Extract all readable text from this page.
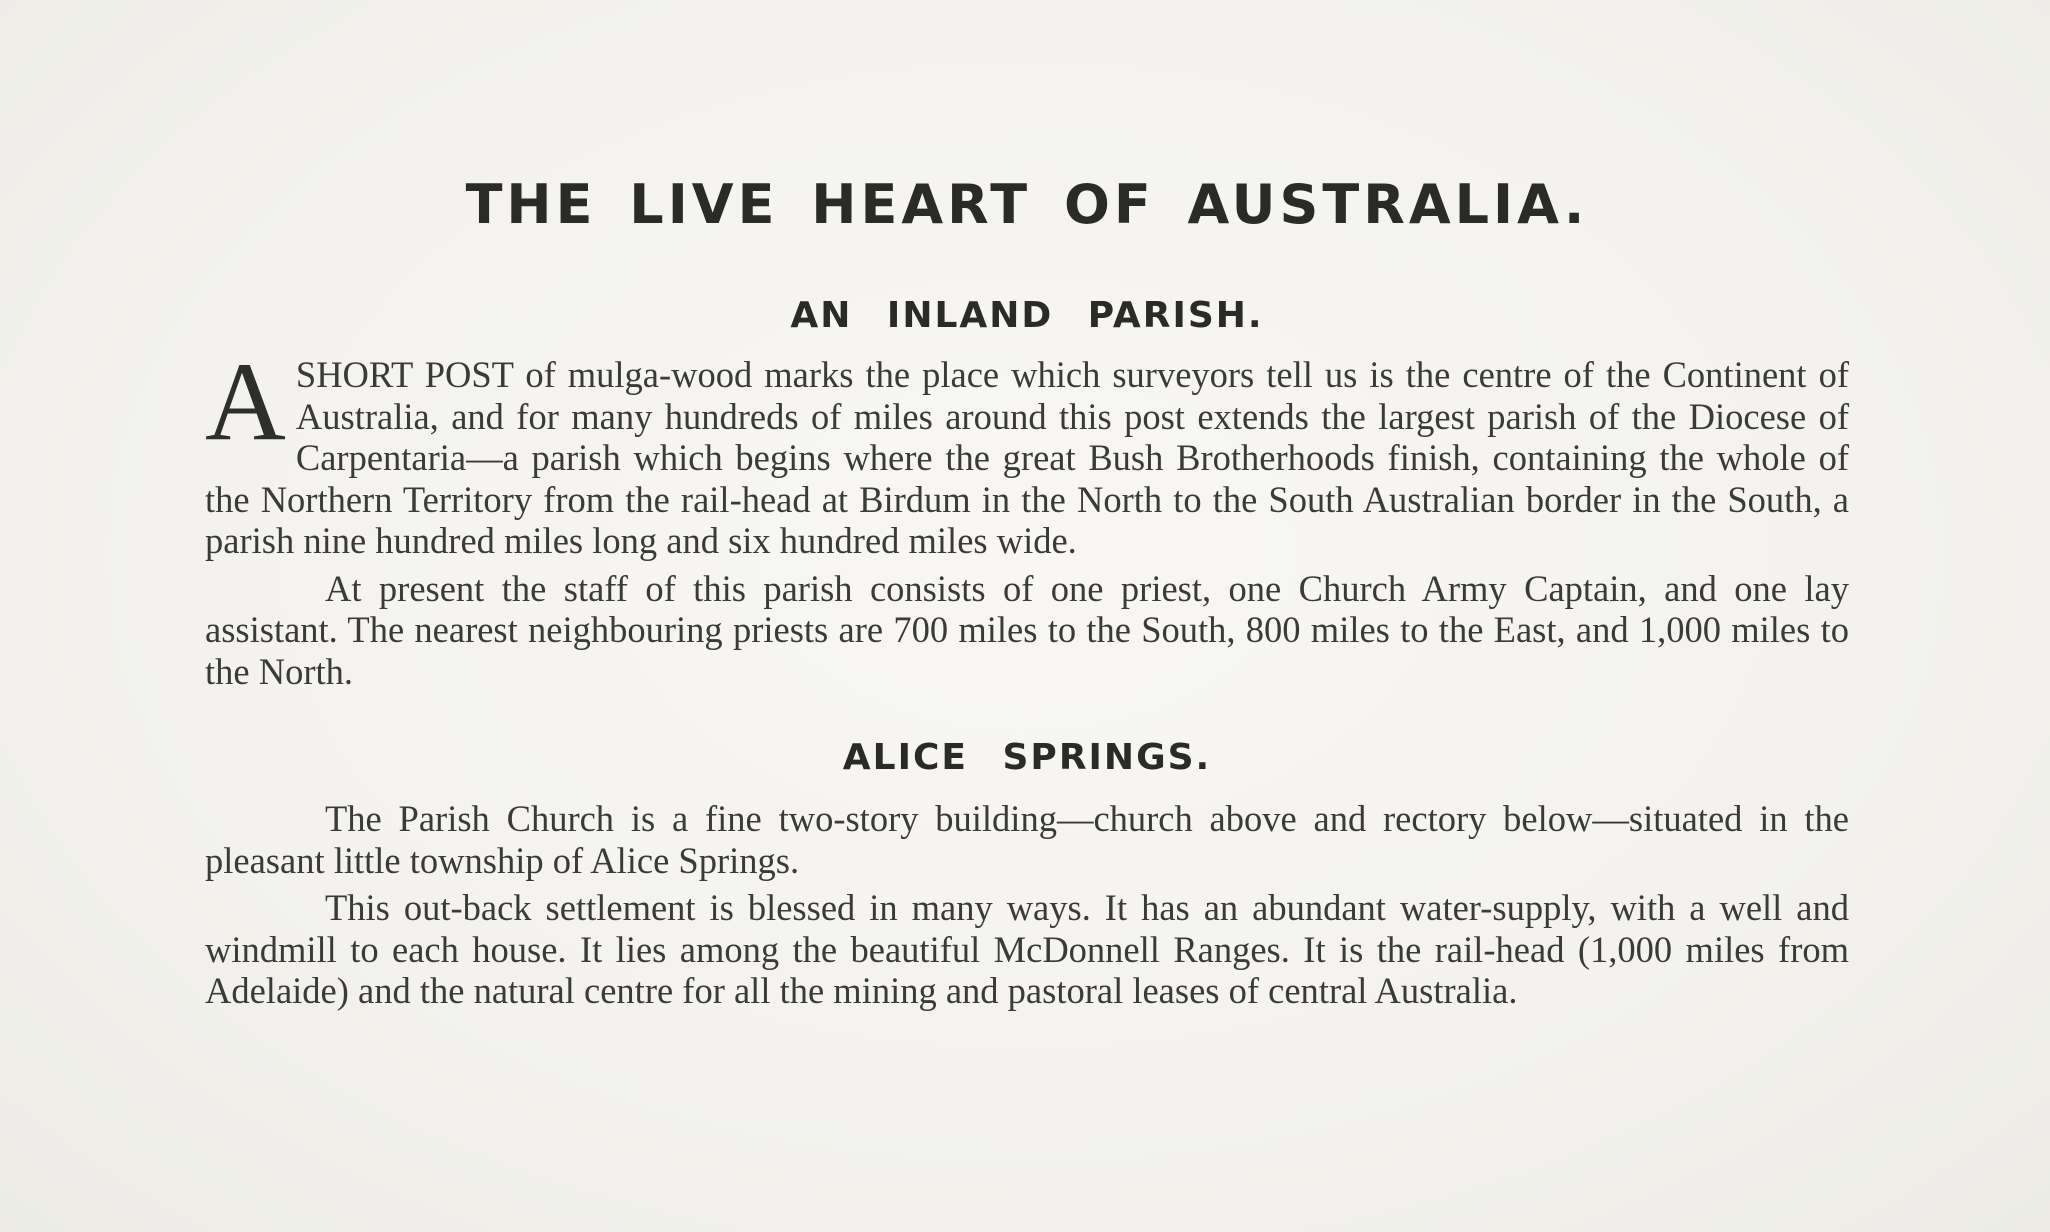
THE LIVE HEART OF AUSTRALIA.
AN INLAND PARISH.

A SHORT POST of mulga-wood marks the place which surveyors tell us is the centre of the Continent of Australia, and for many hundreds of miles around this post extends the largest parish of the Diocese of Carpentaria—a parish which begins where the great Bush Brotherhoods finish, containing the whole of the Northern Territory from the rail-head at Birdum in the North to the South Australian border in the South, a parish nine hundred miles long and six hundred miles wide.

At present the staff of this parish consists of one priest, one Church Army Captain, and one lay assistant. The nearest neighbouring priests are 700 miles to the South, 800 miles to the East, and 1,000 miles to the North.

ALICE SPRINGS.

The Parish Church is a fine two-story building—church above and rectory below—situated in the pleasant little township of Alice Springs.

This out-back settlement is blessed in many ways. It has an abundant water-supply, with a well and windmill to each house. It lies among the beautiful McDonnell Ranges. It is the rail-head (1,000 miles from Adelaide) and the natural centre for all the mining and pastoral leases of central Australia.
